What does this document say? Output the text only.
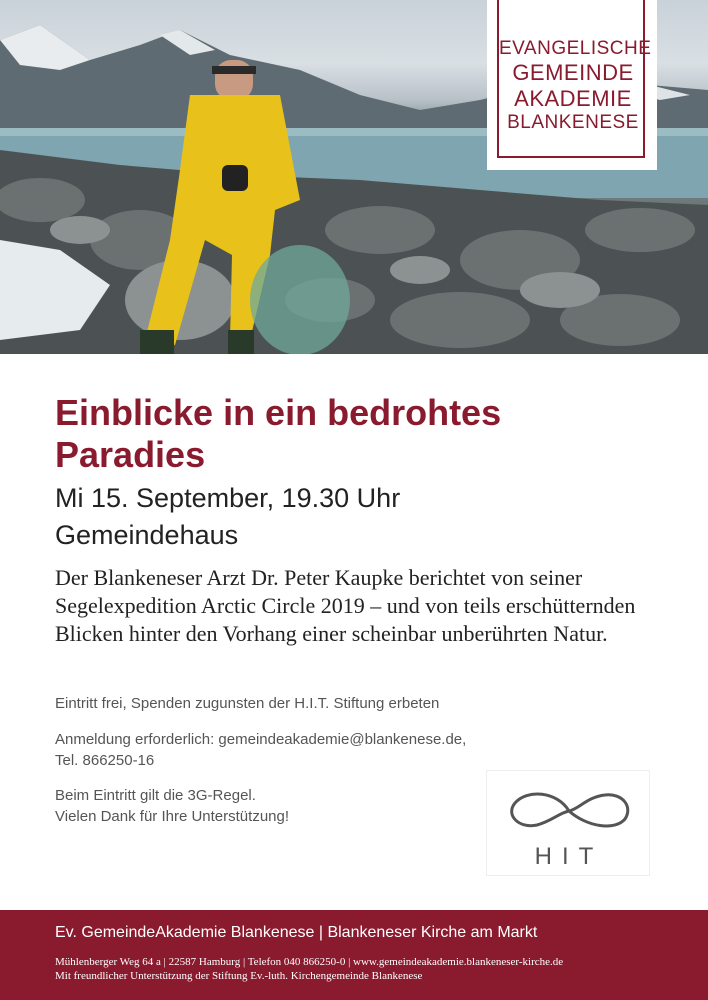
EVANGELISCHE
GEMEINDE
AKADEMIE
BLANKENESE
Einblicke in ein bedrohtes Paradies
Mi 15. September, 19.30 Uhr
Gemeindehaus
Der Blankeneser Arzt Dr. Peter Kaupke berichtet von seiner Segelexpedition Arctic Circle 2019 – und von teils erschütternden Blicken hinter den Vorhang einer scheinbar unberührten Natur.
Eintritt frei, Spenden zugunsten der H.I.T. Stiftung erbeten
Anmeldung erforderlich: gemeindeakademie@blankenese.de, Tel. 866250-16
Beim Eintritt gilt die 3G-Regel.
Vielen Dank für Ihre Unterstützung!
HIT
Ev. GemeindeAkademie Blankenese | Blankeneser Kirche am Markt
Mühlenberger Weg 64 a | 22587 Hamburg | Telefon 040 866250-0 | www.gemeindeakademie.blankeneser-kirche.de
Mit freundlicher Unterstützung der Stiftung Ev.-luth. Kirchengemeinde Blankenese
